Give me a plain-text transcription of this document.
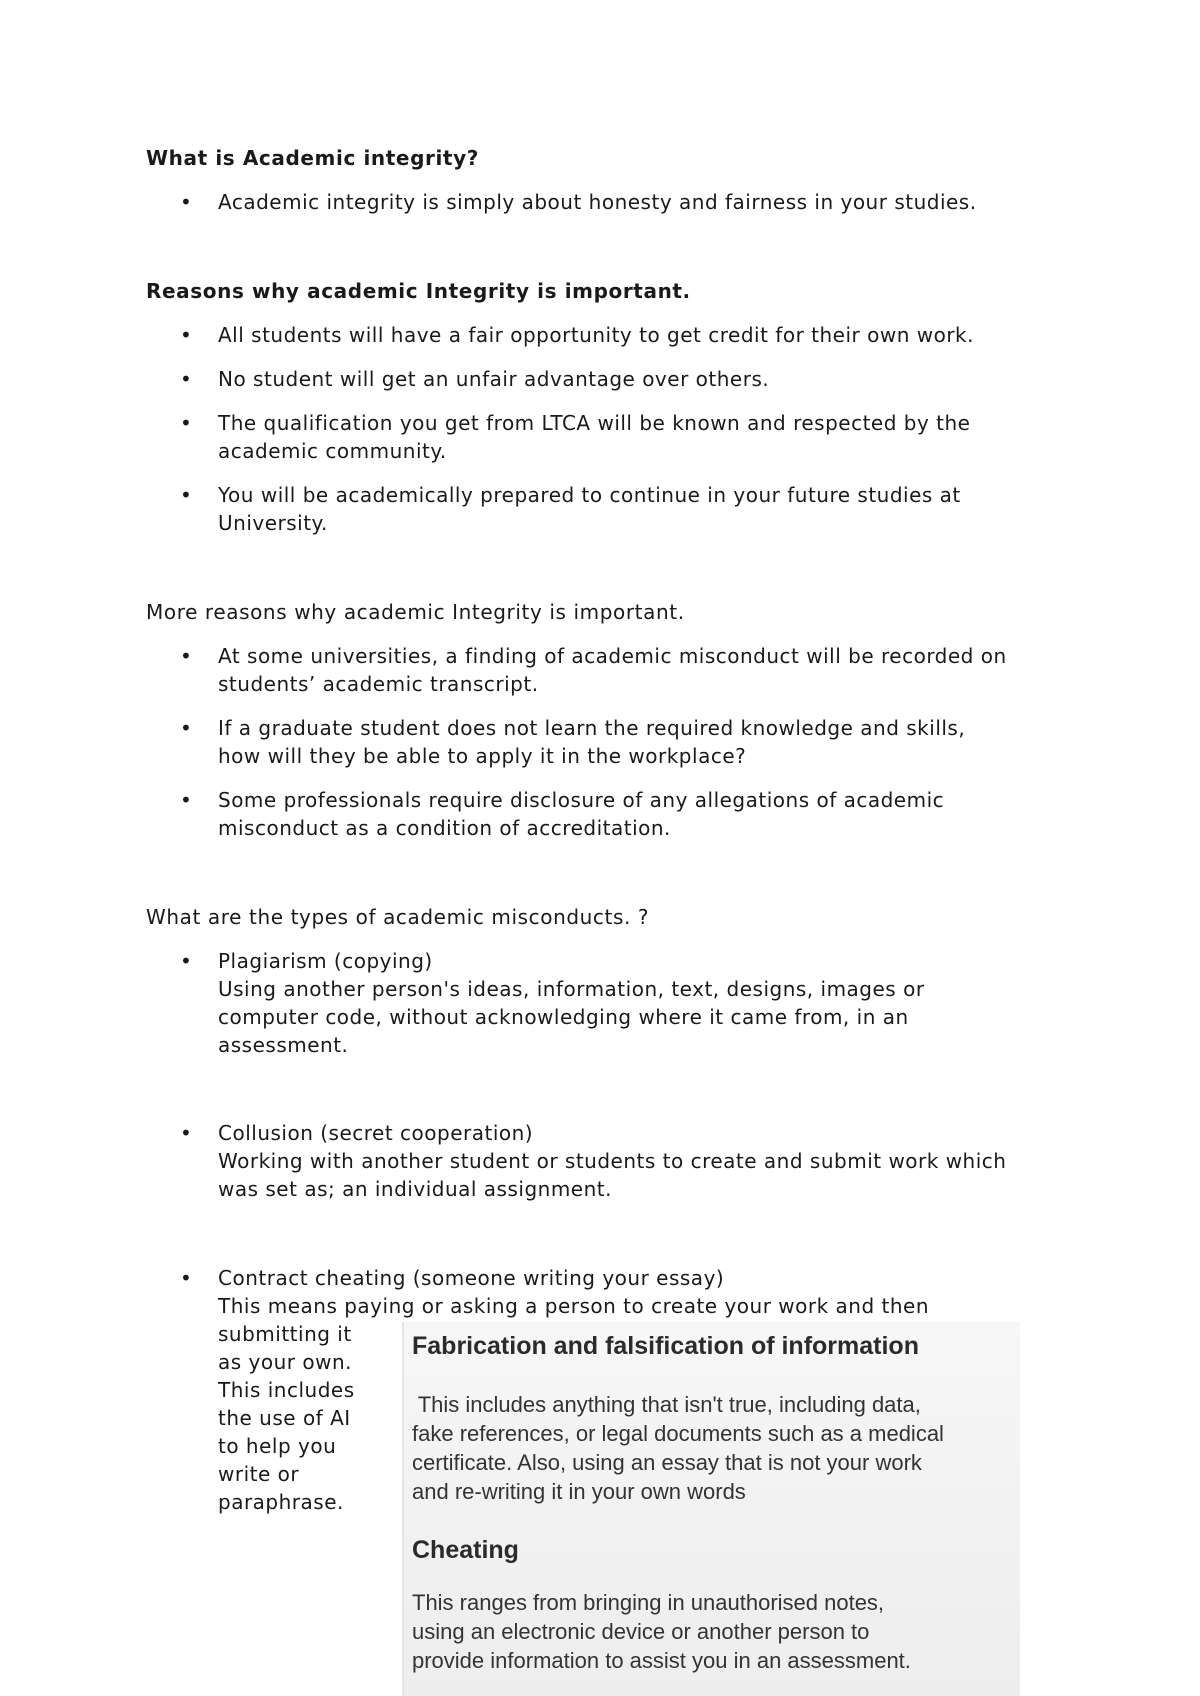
What is Academic integrity?
• Academic integrity is simply about honesty and fairness in your studies.
Reasons why academic Integrity is important.
• All students will have a fair opportunity to get credit for their own work.
• No student will get an unfair advantage over others.
• The qualification you get from LTCA will be known and respected by the
academic community.
• You will be academically prepared to continue in your future studies at
University.
More reasons why academic Integrity is important.
• At some universities, a finding of academic misconduct will be recorded on
students’ academic transcript.
• If a graduate student does not learn the required knowledge and skills,
how will they be able to apply it in the workplace?
• Some professionals require disclosure of any allegations of academic
misconduct as a condition of accreditation.
What are the types of academic misconducts. ?
• Plagiarism (copying)
Using another person's ideas, information, text, designs, images or
computer code, without acknowledging where it came from, in an
assessment.
• Collusion (secret cooperation)
Working with another student or students to create and submit work which
was set as; an individual assignment.
• Contract cheating (someone writing your essay)
This means paying or asking a person to create your work and then
submitting it
as your own.
This includes
the use of AI
to help you
write or
paraphrase.
Fabrication and falsification of information

This includes anything that isn't true, including data,
fake references, or legal documents such as a medical
certificate. Also, using an essay that is not your work
and re-writing it in your own words

Cheating

This ranges from bringing in unauthorised notes,
using an electronic device or another person to
provide information to assist you in an assessment.
